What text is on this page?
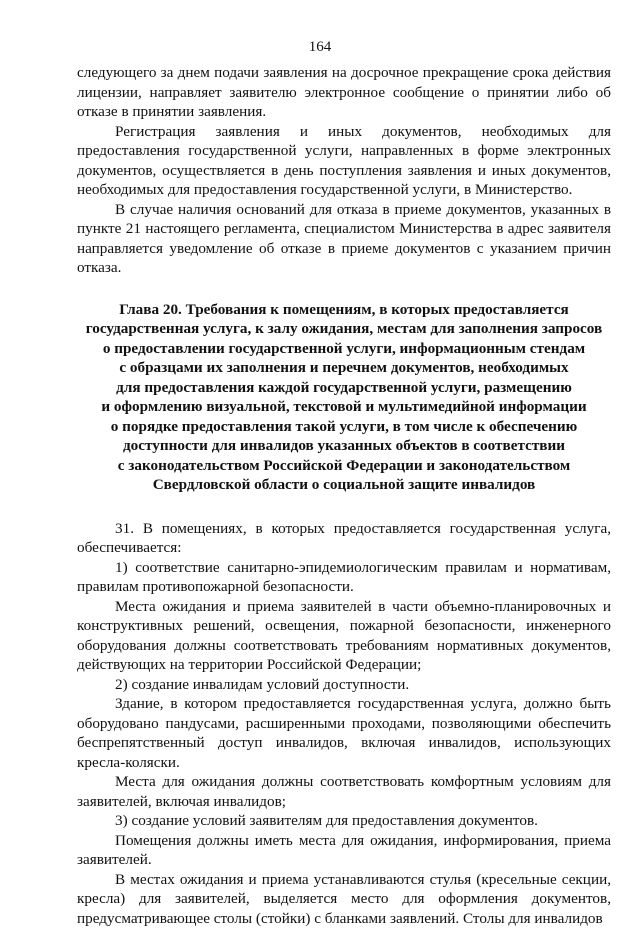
164

следующего за днем подачи заявления на досрочное прекращение срока действия лицензии, направляет заявителю электронное сообщение о принятии либо об отказе в принятии заявления.

Регистрация заявления и иных документов, необходимых для предоставления государственной услуги, направленных в форме электронных документов, осуществляется в день поступления заявления и иных документов, необходимых для предоставления государственной услуги, в Министерство.

В случае наличия оснований для отказа в приеме документов, указанных в пункте 21 настоящего регламента, специалистом Министерства в адрес заявителя направляется уведомление об отказе в приеме документов с указанием причин отказа.

Глава 20. Требования к помещениям, в которых предоставляется
государственная услуга, к залу ожидания, местам для заполнения запросов
о предоставлении государственной услуги, информационным стендам
с образцами их заполнения и перечнем документов, необходимых
для предоставления каждой государственной услуги, размещению
и оформлению визуальной, текстовой и мультимедийной информации
о порядке предоставления такой услуги, в том числе к обеспечению
доступности для инвалидов указанных объектов в соответствии
с законодательством Российской Федерации и законодательством
Свердловской области о социальной защите инвалидов

31. В помещениях, в которых предоставляется государственная услуга, обеспечивается:

1) соответствие санитарно-эпидемиологическим правилам и нормативам, правилам противопожарной безопасности.

Места ожидания и приема заявителей в части объемно-планировочных и конструктивных решений, освещения, пожарной безопасности, инженерного оборудования должны соответствовать требованиям нормативных документов, действующих на территории Российской Федерации;

2) создание инвалидам условий доступности.

Здание, в котором предоставляется государственная услуга, должно быть оборудовано пандусами, расширенными проходами, позволяющими обеспечить беспрепятственный доступ инвалидов, включая инвалидов, использующих кресла-коляски.

Места для ожидания должны соответствовать комфортным условиям для заявителей, включая инвалидов;

3) создание условий заявителям для предоставления документов.

Помещения должны иметь места для ожидания, информирования, приема заявителей.

В местах ожидания и приема устанавливаются стулья (кресельные секции, кресла) для заявителей, выделяется место для оформления документов, предусматривающее столы (стойки) с бланками заявлений. Столы для инвалидов
